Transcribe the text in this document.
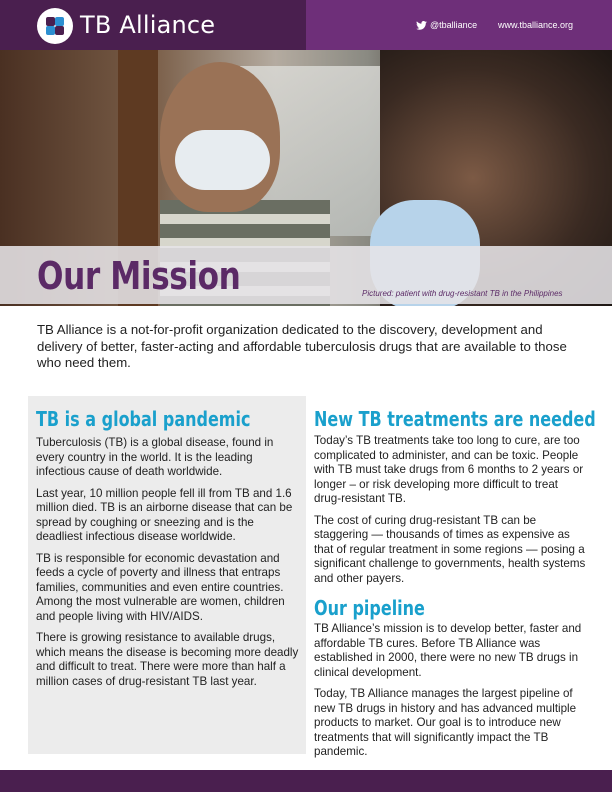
TB Alliance	@tballiance www.tballiance.org
Our Mission	Pictured: patient with drug-resistant TB in the Philippines
TB Alliance is a not-for-profit organization dedicated to the discovery, development and delivery of better, faster-acting and affordable tuberculosis drugs that are available to those who need them.
TB is a global pandemic

Tuberculosis (TB) is a global disease, found in every country in the world. It is the leading infectious cause of death worldwide.

Last year, 10 million people fell ill from TB and 1.6 million died. TB is an airborne disease that can be spread by coughing or sneezing and is the deadliest infectious disease worldwide.

TB is responsible for economic devastation and feeds a cycle of poverty and illness that entraps families, communities and even entire countries. Among the most vulnerable are women, children and people living with HIV/AIDS.

There is growing resistance to available drugs, which means the disease is becoming more deadly and difficult to treat. There were more than half a million cases of drug-resistant TB last year.

New TB treatments are needed

Today’s TB treatments take too long to cure, are too complicated to administer, and can be toxic. People with TB must take drugs from 6 months to 2 years or longer – or risk developing more difficult to treat drug-resistant TB.

The cost of curing drug-resistant TB can be staggering — thousands of times as expensive as that of regular treatment in some regions — posing a significant challenge to governments, health systems and other payers.

Our pipeline

TB Alliance’s mission is to develop better, faster and affordable TB cures. Before TB Alliance was established in 2000, there were no new TB drugs in clinical development.

Today, TB Alliance manages the largest pipeline of new TB drugs in history and has advanced multiple products to market. Our goal is to introduce new treatments that will significantly impact the TB pandemic.
